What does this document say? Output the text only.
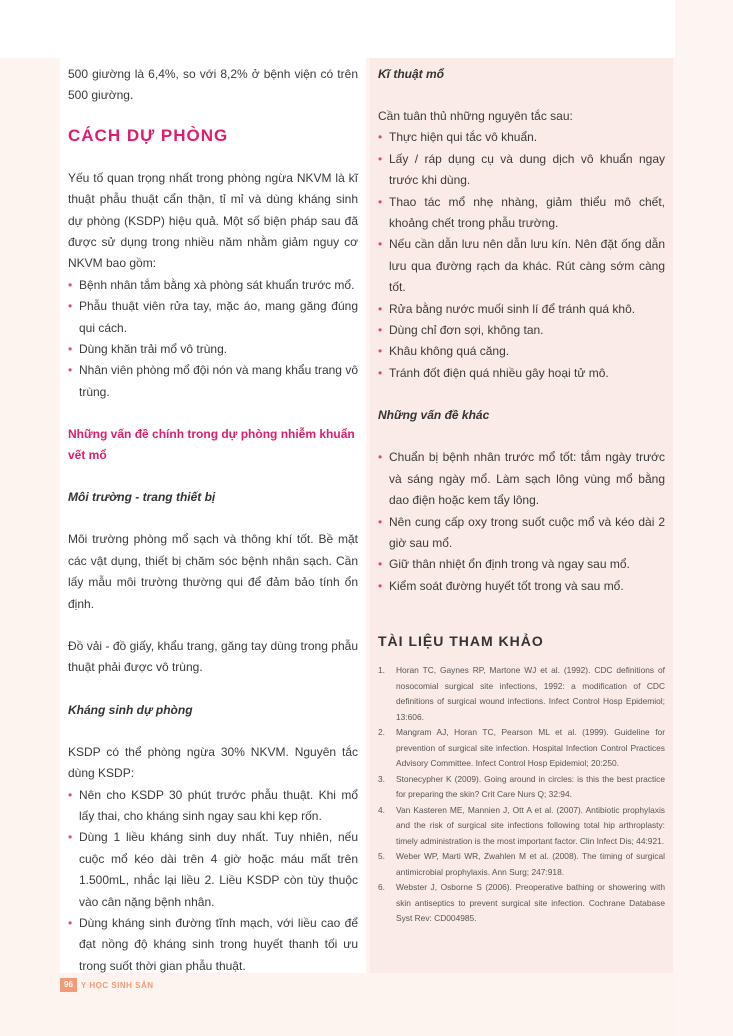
500 giường là 6,4%, so với 8,2% ở bệnh viện có trên 500 giường.

CÁCH DỰ PHÒNG

Yếu tố quan trọng nhất trong phòng ngừa NKVM là kĩ thuật phẫu thuật cẩn thận, tỉ mỉ và dùng kháng sinh dự phòng (KSDP) hiệu quả. Một số biện pháp sau đã được sử dụng trong nhiều năm nhằm giảm nguy cơ NKVM bao gồm:

• Bệnh nhân tắm bằng xà phòng sát khuẩn trước mổ.
• Phẫu thuật viên rửa tay, mặc áo, mang găng đúng qui cách.
• Dùng khăn trải mổ vô trùng.
• Nhân viên phòng mổ đội nón và mang khẩu trang vô trùng.
Những vấn đề chính trong dự phòng nhiễm khuẩn vết mổ
Môi trường - trang thiết bị

Môi trường phòng mổ sạch và thông khí tốt. Bề mặt các vật dụng, thiết bị chăm sóc bệnh nhân sạch. Cần lấy mẫu môi trường thường qui để đảm bảo tính ổn định.

Đồ vải - đồ giấy, khẩu trang, găng tay dùng trong phẫu thuật phải được vô trùng.

Kháng sinh dự phòng

KSDP có thể phòng ngừa 30% NKVM. Nguyên tắc dùng KSDP:

• Nên cho KSDP 30 phút trước phẫu thuật. Khi mổ lấy thai, cho kháng sinh ngay sau khi kẹp rốn.
• Dùng 1 liều kháng sinh duy nhất. Tuy nhiên, nếu cuộc mổ kéo dài trên 4 giờ hoặc máu mất trên 1.500mL, nhắc lại liều 2. Liều KSDP còn tùy thuộc vào cân nặng bệnh nhân.
• Dùng kháng sinh đường tĩnh mạch, với liều cao để đạt nồng độ kháng sinh trong huyết thanh tối ưu trong suốt thời gian phẫu thuật.
Kĩ thuật mổ

Cần tuân thủ những nguyên tắc sau:

• Thực hiện qui tắc vô khuẩn.
• Lấy / ráp dụng cụ và dung dịch vô khuẩn ngay trước khi dùng.
• Thao tác mổ nhẹ nhàng, giảm thiểu mô chết, khoảng chết trong phẫu trường.
• Nếu cần dẫn lưu nên dẫn lưu kín. Nên đặt ống dẫn lưu qua đường rạch da khác. Rút càng sớm càng tốt.
• Rửa bằng nước muối sinh lí để tránh quá khô.
• Dùng chỉ đơn sợi, không tan.
• Khâu không quá căng.
• Tránh đốt điện quá nhiều gây hoại tử mô.
Những vấn đề khác
• Chuẩn bị bệnh nhân trước mổ tốt: tắm ngày trước và sáng ngày mổ. Làm sạch lông vùng mổ bằng dao điện hoặc kem tẩy lông.
• Nên cung cấp oxy trong suốt cuộc mổ và kéo dài 2 giờ sau mổ.
• Giữ thân nhiệt ổn định trong và ngay sau mổ.
• Kiểm soát đường huyết tốt trong và sau mổ.
TÀI LIỆU THAM KHẢO
1. Horan TC, Gaynes RP, Martone WJ et al. (1992). CDC definitions of nosocomial surgical site infections, 1992: a modification of CDC definitions of surgical wound infections. Infect Control Hosp Epidemiol; 13:606.
2. Mangram AJ, Horan TC, Pearson ML et al. (1999). Guideline for prevention of surgical site infection. Hospital Infection Control Practices Advisory Committee. Infect Control Hosp Epidemiol; 20:250.
3. Stonecypher K (2009). Going around in circles: is this the best practice for preparing the skin? Crit Care Nurs Q; 32:94.
4. Van Kasteren ME, Mannien J, Ott A et al. (2007). Antibiotic prophylaxis and the risk of surgical site infections following total hip arthroplasty: timely administration is the most important factor. Clin Infect Dis; 44:921.
5. Weber WP, Marti WR, Zwahlen M et al. (2008). The timing of surgical antimicrobial prophylaxis. Ann Surg; 247:918.
6. Webster J, Osborne S (2006). Preoperative bathing or showering with skin antiseptics to prevent surgical site infection. Cochrane Database Syst Rev: CD004985.
96	Y HỌC SINH SẢN
